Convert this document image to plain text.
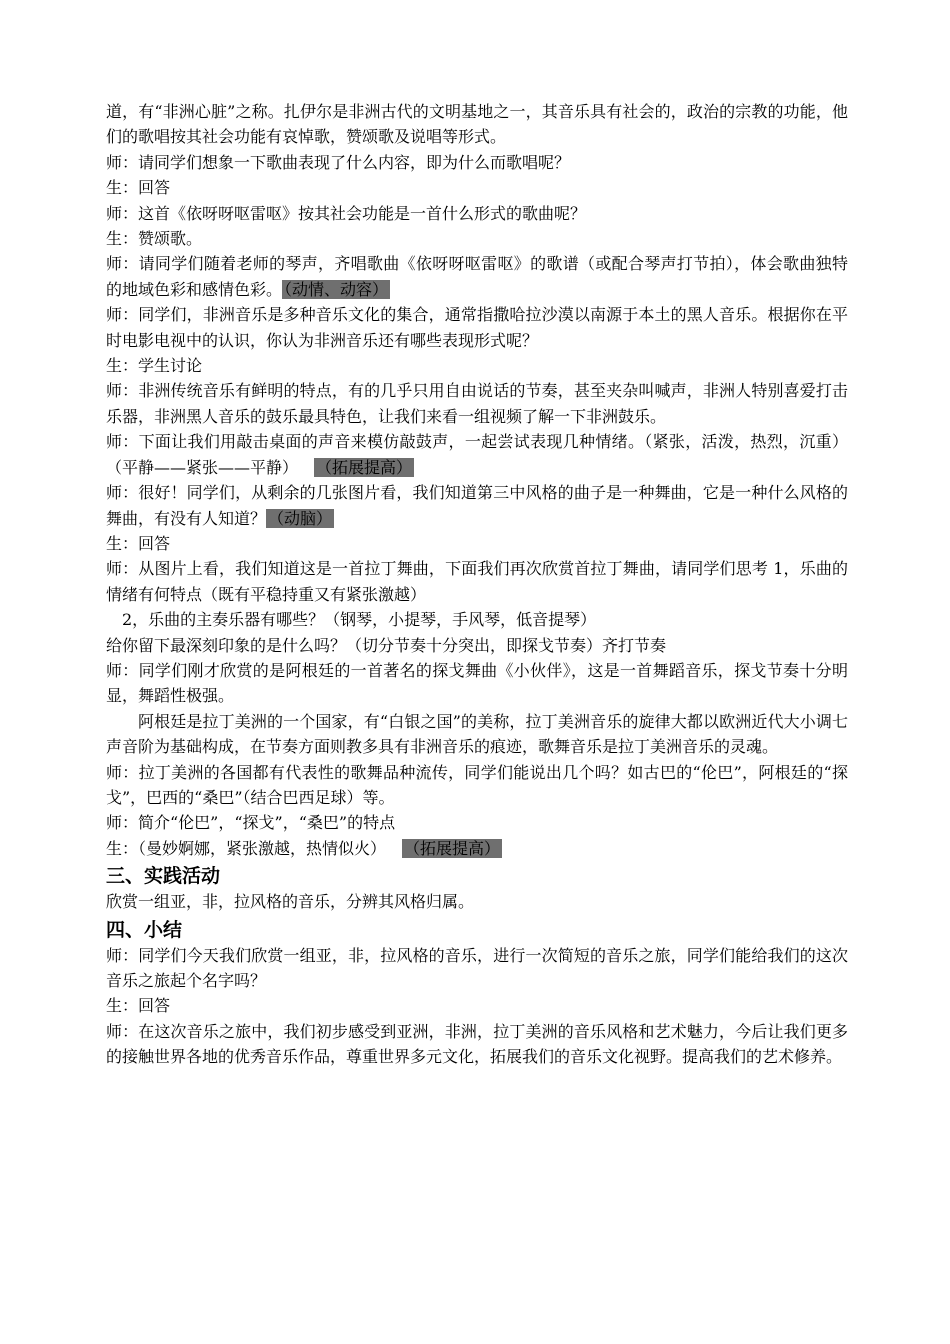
道，有“非洲心脏”之称。扎伊尔是非洲古代的文明基地之一，其音乐具有社会的，政治的宗教的功能，他们的歌唱按其社会功能有哀悼歌，赞颂歌及说唱等形式。

师：请同学们想象一下歌曲表现了什么内容，即为什么而歌唱呢？

生：回答

师：这首《依呀呀呕雷呕》按其社会功能是一首什么形式的歌曲呢？

生：赞颂歌。

师：请同学们随着老师的琴声，齐唱歌曲《依呀呀呕雷呕》的歌谱（或配合琴声打节拍），体会歌曲独特的地域色彩和感情色彩。 （动情、动容）

师：同学们，非洲音乐是多种音乐文化的集合，通常指撒哈拉沙漠以南源于本土的黑人音乐。根据你在平时电影电视中的认识，你认为非洲音乐还有哪些表现形式呢？

生：学生讨论

师：非洲传统音乐有鲜明的特点，有的几乎只用自由说话的节奏，甚至夹杂叫喊声，非洲人特别喜爱打击乐器，非洲黑人音乐的鼓乐最具特色，让我们来看一组视频了解一下非洲鼓乐。

师：下面让我们用敲击桌面的声音来模仿敲鼓声，一起尝试表现几种情绪。（紧张，活泼，热烈，沉重）（平静——紧张——平静）  （拓展提高）

师：很好！同学们，从剩余的几张图片看，我们知道第三中风格的曲子是一种舞曲，它是一种什么风格的舞曲，有没有人知道？ （动脑）

生：回答

师：从图片上看，我们知道这是一首拉丁舞曲，下面我们再次欣赏首拉丁舞曲，请同学们思考 1，乐曲的情绪有何特点（既有平稳持重又有紧张激越）

2，乐曲的主奏乐器有哪些？（钢琴，小提琴，手风琴，低音提琴）

给你留下最深刻印象的是什么吗？（切分节奏十分突出，即探戈节奏）齐打节奏

师：同学们刚才欣赏的是阿根廷的一首著名的探戈舞曲《小伙伴》，这是一首舞蹈音乐，探戈节奏十分明显，舞蹈性极强。

阿根廷是拉丁美洲的一个国家，有“白银之国”的美称，拉丁美洲音乐的旋律大都以欧洲近代大小调七声音阶为基础构成，在节奏方面则教多具有非洲音乐的痕迹，歌舞音乐是拉丁美洲音乐的灵魂。

师：拉丁美洲的各国都有代表性的歌舞品种流传，同学们能说出几个吗？如古巴的“伦巴”，阿根廷的“探戈”，巴西的“桑巴”（结合巴西足球）等。

师：简介“伦巴”，“探戈”，“桑巴”的特点

生：（曼妙婀娜，紧张激越，热情似火）  （拓展提高）

三、实践活动

欣赏一组亚，非，拉风格的音乐，分辨其风格归属。

四、小结

师：同学们今天我们欣赏一组亚，非，拉风格的音乐，进行一次简短的音乐之旅，同学们能给我们的这次音乐之旅起个名字吗？

生：回答

师：在这次音乐之旅中，我们初步感受到亚洲，非洲，拉丁美洲的音乐风格和艺术魅力，今后让我们更多的接触世界各地的优秀音乐作品，尊重世界多元文化，拓展我们的音乐文化视野。提高我们的艺术修养。
